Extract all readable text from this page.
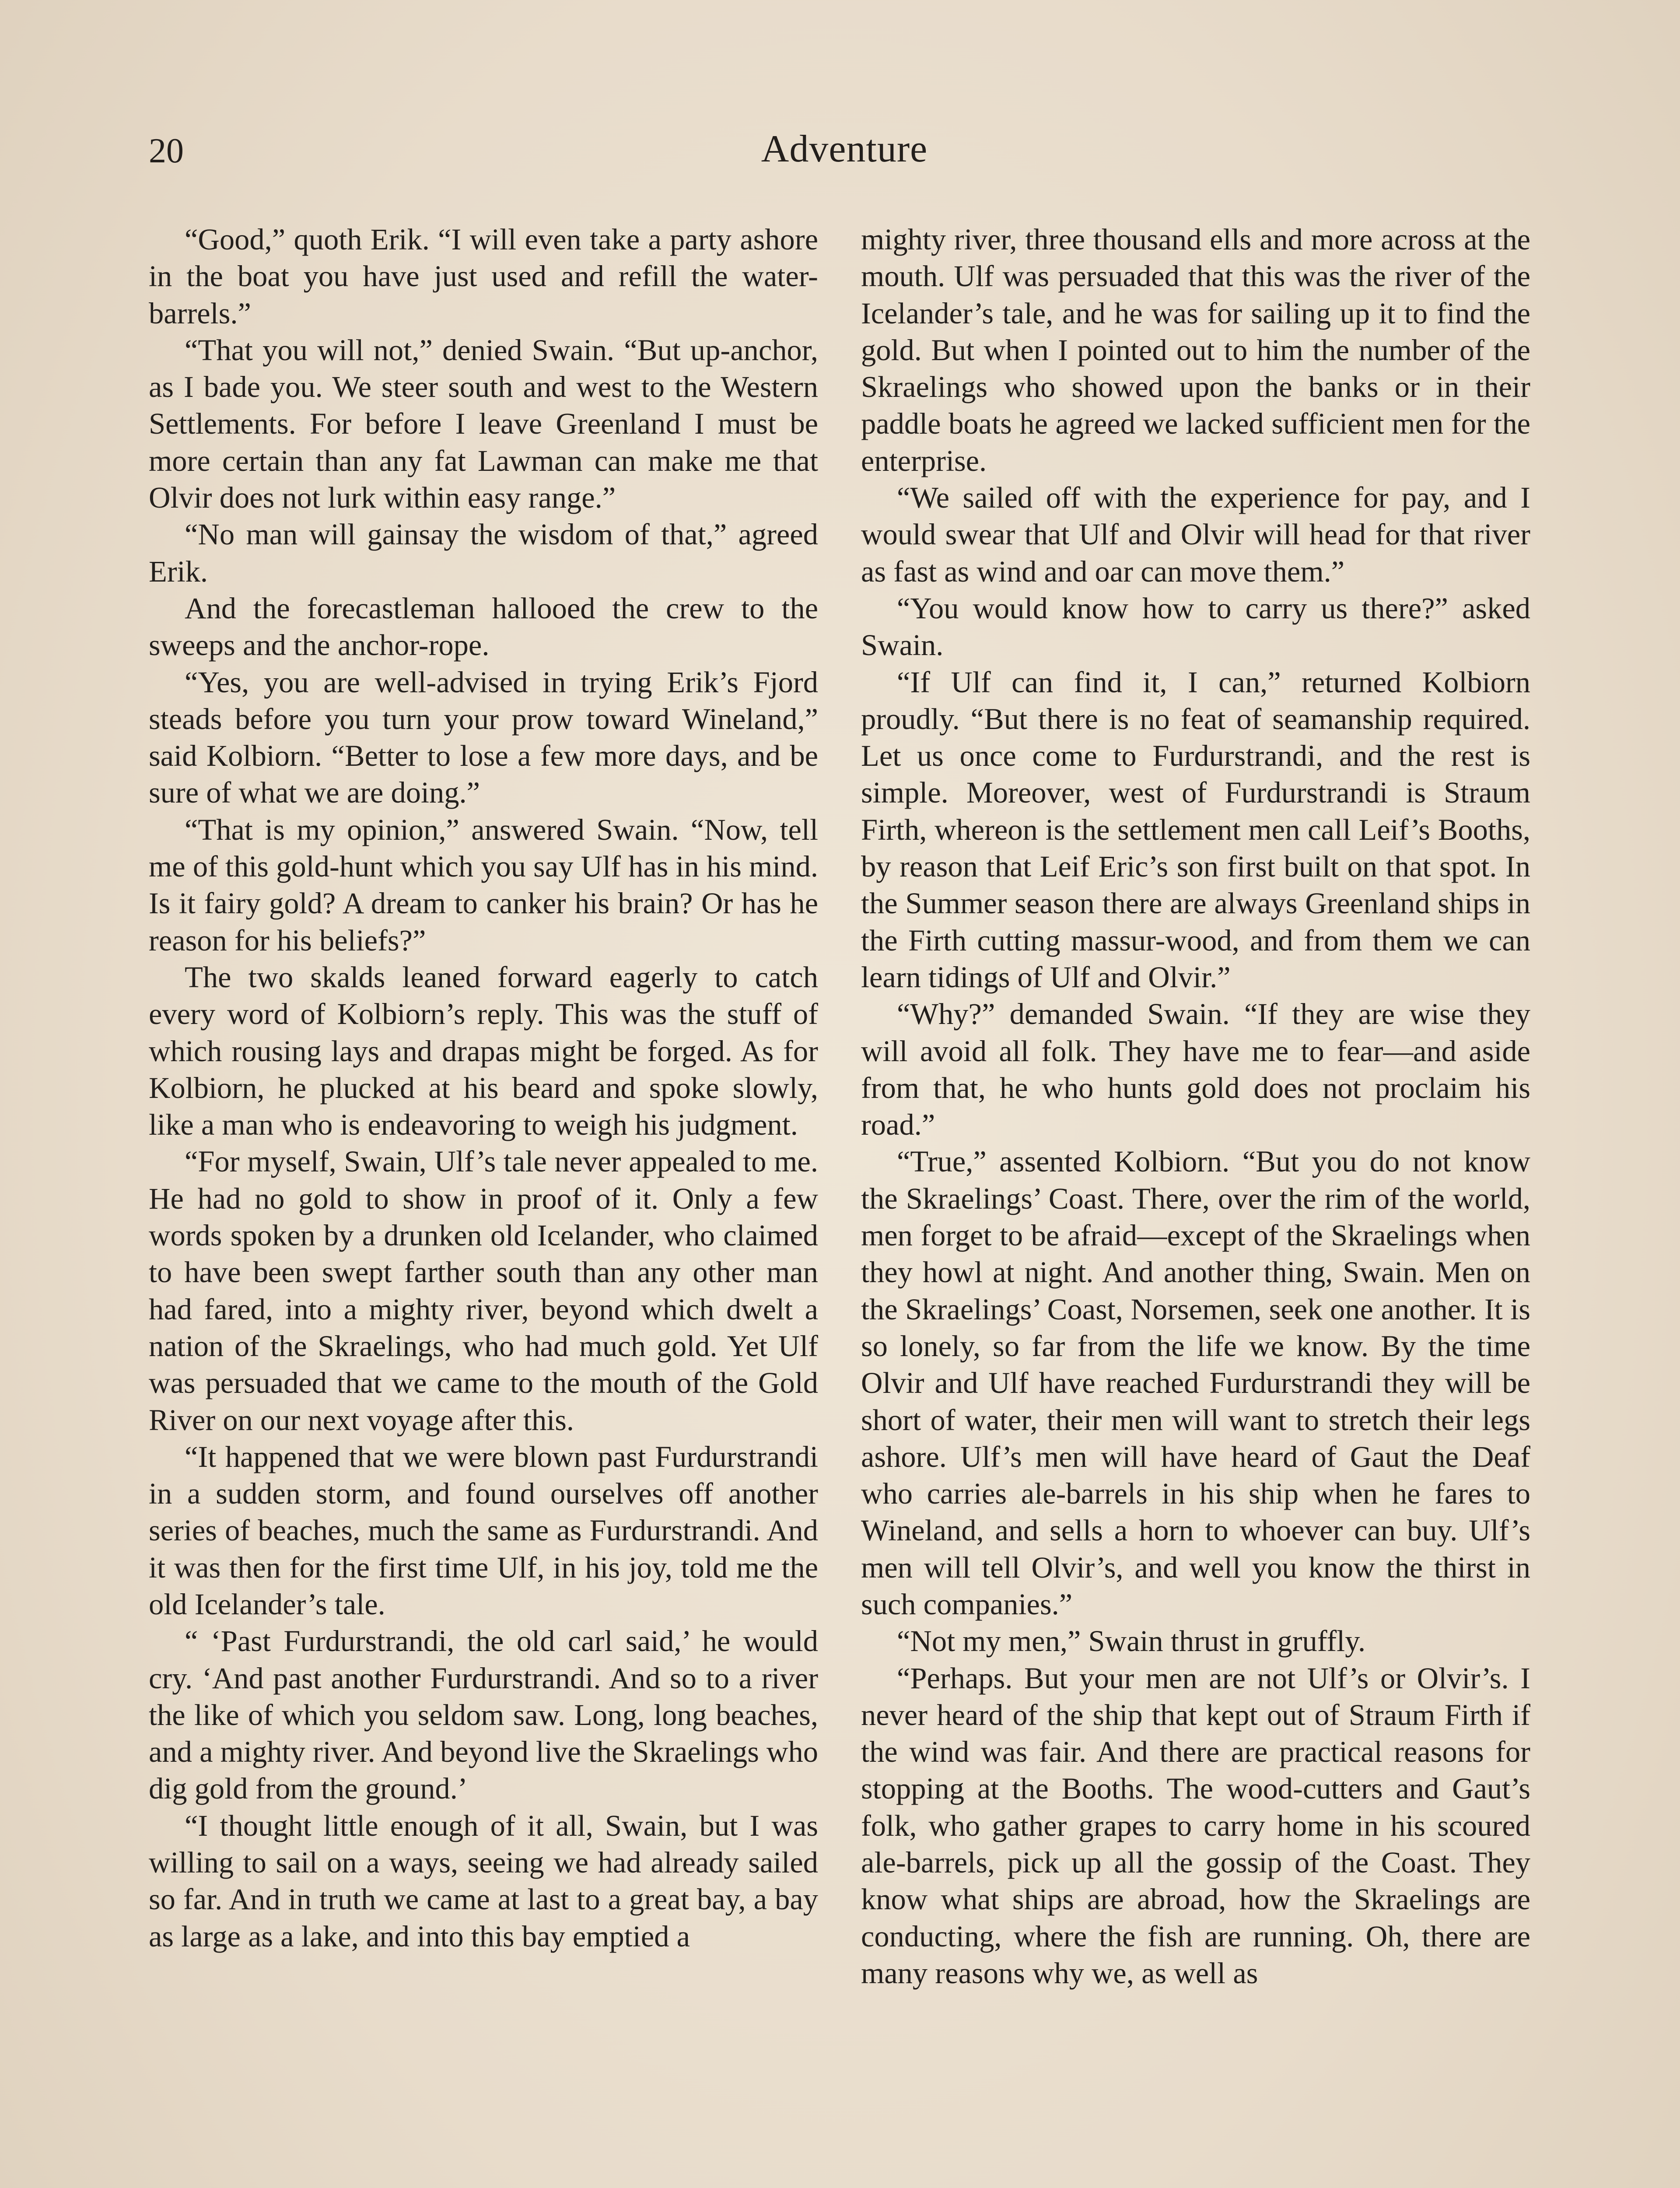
20	Adventure

“Good,” quoth Erik. “I will even take a party ashore in the boat you have just used and refill the water-barrels.”

“That you will not,” denied Swain. “But up-anchor, as I bade you. We steer south and west to the Western Settlements. For before I leave Greenland I must be more certain than any fat Lawman can make me that Olvir does not lurk within easy range.”

“No man will gainsay the wisdom of that,” agreed Erik.

And the forecastleman hallooed the crew to the sweeps and the anchor-rope.

“Yes, you are well-advised in trying Erik’s Fjord steads before you turn your prow toward Wineland,” said Kolbiorn. “Better to lose a few more days, and be sure of what we are doing.”

“That is my opinion,” answered Swain. “Now, tell me of this gold-hunt which you say Ulf has in his mind. Is it fairy gold? A dream to canker his brain? Or has he reason for his beliefs?”

The two skalds leaned forward eagerly to catch every word of Kolbiorn’s reply. This was the stuff of which rousing lays and drapas might be forged. As for Kolbiorn, he plucked at his beard and spoke slowly, like a man who is endeavoring to weigh his judgment.

“For myself, Swain, Ulf’s tale never appealed to me. He had no gold to show in proof of it. Only a few words spoken by a drunken old Icelander, who claimed to have been swept farther south than any other man had fared, into a mighty river, beyond which dwelt a nation of the Skraelings, who had much gold. Yet Ulf was persuaded that we came to the mouth of the Gold River on our next voyage after this.

“It happened that we were blown past Furdurstrandi in a sudden storm, and found ourselves off another series of beaches, much the same as Furdurstrandi. And it was then for the first time Ulf, in his joy, told me the old Icelander’s tale.

“ ‘Past Furdurstrandi, the old carl said,’ he would cry. ‘And past another Furdurstrandi. And so to a river the like of which you seldom saw. Long, long beaches, and a mighty river. And beyond live the Skraelings who dig gold from the ground.’

“I thought little enough of it all, Swain, but I was willing to sail on a ways, seeing we had already sailed so far. And in truth we came at last to a great bay, a bay as large as a lake, and into this bay emptied a

mighty river, three thousand ells and more across at the mouth. Ulf was persuaded that this was the river of the Icelander’s tale, and he was for sailing up it to find the gold. But when I pointed out to him the number of the Skraelings who showed upon the banks or in their paddle boats he agreed we lacked sufficient men for the enterprise.

“We sailed off with the experience for pay, and I would swear that Ulf and Olvir will head for that river as fast as wind and oar can move them.”

“You would know how to carry us there?” asked Swain.

“If Ulf can find it, I can,” returned Kolbiorn proudly. “But there is no feat of seamanship required. Let us once come to Furdurstrandi, and the rest is simple. Moreover, west of Furdurstrandi is Straum Firth, whereon is the settlement men call Leif’s Booths, by reason that Leif Eric’s son first built on that spot. In the Summer season there are always Greenland ships in the Firth cutting massur-wood, and from them we can learn tidings of Ulf and Olvir.”

“Why?” demanded Swain. “If they are wise they will avoid all folk. They have me to fear—and aside from that, he who hunts gold does not proclaim his road.”

“True,” assented Kolbiorn. “But you do not know the Skraelings’ Coast. There, over the rim of the world, men forget to be afraid—except of the Skraelings when they howl at night. And another thing, Swain. Men on the Skraelings’ Coast, Norsemen, seek one another. It is so lonely, so far from the life we know. By the time Olvir and Ulf have reached Furdurstrandi they will be short of water, their men will want to stretch their legs ashore. Ulf’s men will have heard of Gaut the Deaf who carries ale-barrels in his ship when he fares to Wineland, and sells a horn to whoever can buy. Ulf’s men will tell Olvir’s, and well you know the thirst in such companies.”

“Not my men,” Swain thrust in gruffly.

“Perhaps. But your men are not Ulf’s or Olvir’s. I never heard of the ship that kept out of Straum Firth if the wind was fair. And there are practical reasons for stopping at the Booths. The wood-cutters and Gaut’s folk, who gather grapes to carry home in his scoured ale-barrels, pick up all the gossip of the Coast. They know what ships are abroad, how the Skraelings are conducting, where the fish are running. Oh, there are many reasons why we, as well as
